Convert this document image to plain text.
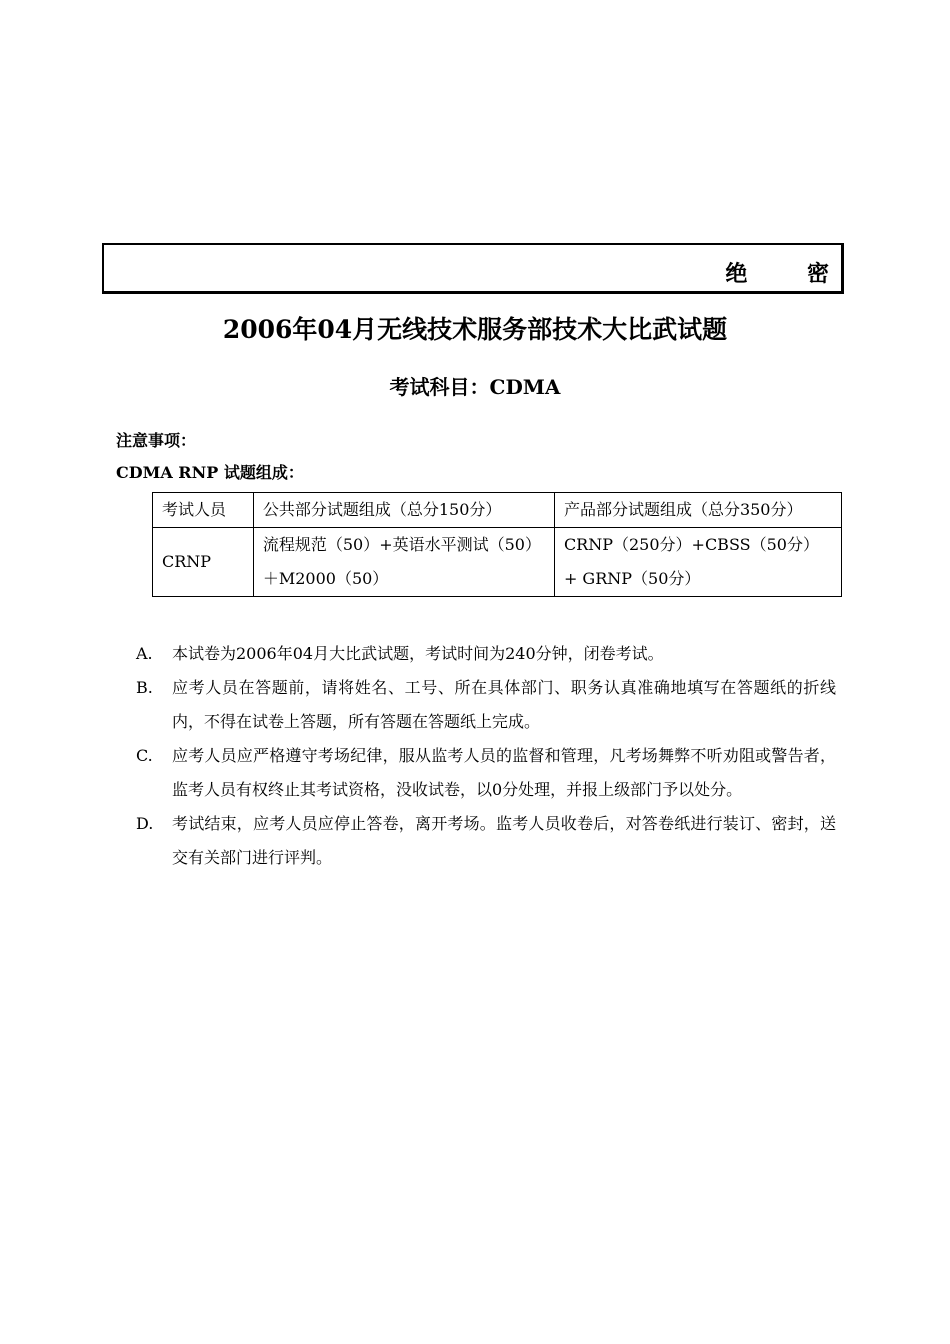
绝 密
2006年04月无线技术服务部技术大比武试题
考试科目：CDMA
注意事项：
CDMA RNP 试题组成：
考试人员	公共部分试题组成（总分150分）	产品部分试题组成（总分350分）
CRNP	流程规范（50）+英语水平测试（50）＋M2000（50）	CRNP（250分）+CBSS（50分）+ GRNP（50分）
A. 本试卷为2006年04月大比武试题，考试时间为240分钟，闭卷考试。
B. 应考人员在答题前，请将姓名、工号、所在具体部门、职务认真准确地填写在答题纸的折线内，不得在试卷上答题，所有答题在答题纸上完成。
C. 应考人员应严格遵守考场纪律，服从监考人员的监督和管理，凡考场舞弊不听劝阻或警告者，监考人员有权终止其考试资格，没收试卷，以0分处理，并报上级部门予以处分。
D. 考试结束，应考人员应停止答卷，离开考场。监考人员收卷后，对答卷纸进行装订、密封，送交有关部门进行评判。
